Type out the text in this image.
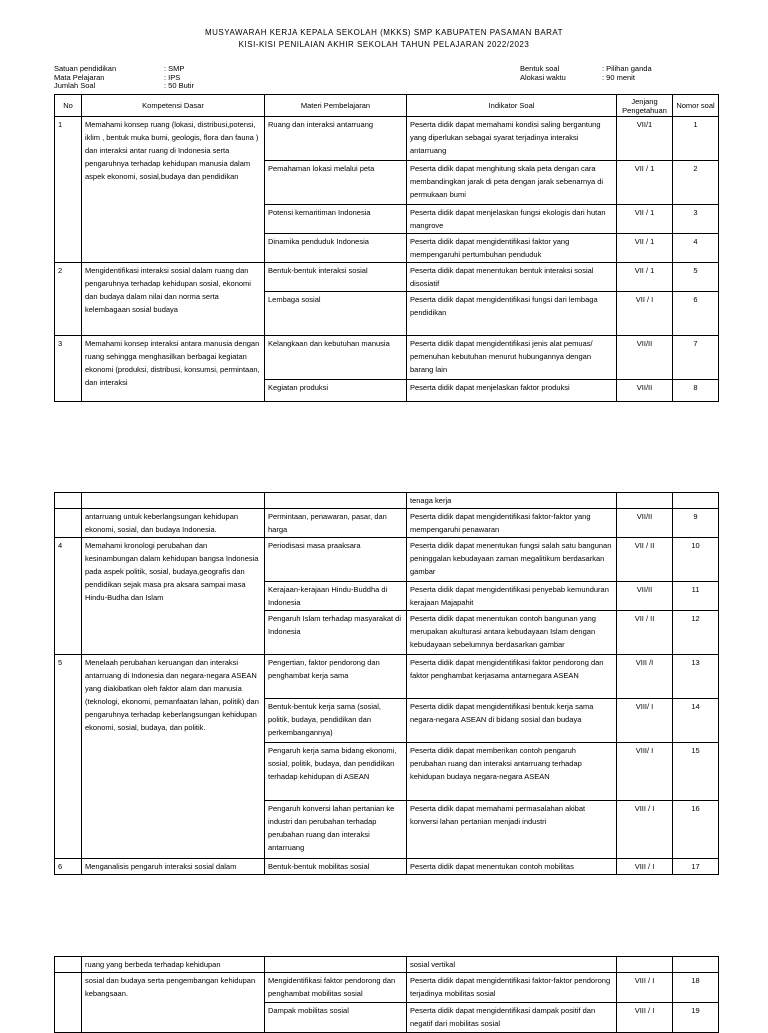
MUSYAWARAH KERJA KEPALA SEKOLAH (MKKS) SMP KABUPATEN PASAMAN BARAT
KISI-KISI PENILAIAN AKHIR SEKOLAH TAHUN PELAJARAN 2022/2023
Satuan pendidikan	: SMP
Mata Pelajaran	: IPS
Jumlah Soal	: 50 Butir
Bentuk soal	: Pilihan ganda
Alokasi waktu	: 90 menit
No	Kompetensi Dasar	Materi Pembelajaran	Indikator Soal	Jenjang Pengetahuan	Nomor soal
1	Memahami konsep ruang (lokasi, distribusi,potensi, iklim , bentuk muka bumi, geologis, flora dan fauna ) dan interaksi antar ruang di Indonesia serta pengaruhnya terhadap kehidupan manusia dalam aspek ekonomi, sosial,budaya dan pendidikan	Ruang dan interaksi antarruang	Peserta didik dapat memahami kondisi saling bergantung yang diperlukan sebagai syarat terjadinya interaksi antarruang	VII/1	1
		Pemahaman lokasi melalui peta	Peserta didik dapat menghitung skala peta dengan cara membandingkan jarak di peta dengan jarak sebenarnya di permukaan bumi	VII / 1	2
		Potensi kemaritiman Indonesia	Peserta didik dapat menjelaskan fungsi ekologis dari hutan mangrove	VII / 1	3
		Dinamika penduduk Indonesia	Peserta didik dapat mengidentifikasi faktor yang mempengaruhi pertumbuhan penduduk	VII / 1	4
2	Mengidentifikasi interaksi sosial dalam ruang dan pengaruhnya terhadap kehidupan sosial, ekonomi dan budaya dalam nilai dan norma serta kelembagaan sosial budaya	Bentuk-bentuk interaksi sosial	Peserta didik dapat menentukan bentuk interaksi sosial disosiatif	VII / 1	5
		Lembaga sosial	Peserta didik dapat mengidentifikasi fungsi dari lembaga pendidikan	VII / I	6
3	Memahami konsep interaksi antara manusia dengan ruang sehingga menghasilkan berbagai kegiatan ekonomi (produksi, distribusi, konsumsi, permintaan, dan interaksi	Kelangkaan dan kebutuhan manusia	Peserta didik dapat mengidentifikasi jenis alat pemuas/ pemenuhan kebutuhan menurut hubungannya dengan barang lain	VII/II	7
		Kegiatan produksi	Peserta didik dapat menjelaskan faktor produksi	VII/II	8
			tenaga kerja		
	antarruang untuk keberlangsungan kehidupan ekonomi, sosial, dan budaya Indonesia.	Permintaan, penawaran, pasar, dan harga	Peserta didik dapat mengidentifikasi faktor-faktor yang mempengaruhi penawaran	VII/II	9
4	Memahami kronologi perubahan dan kesinambungan dalam kehidupan bangsa Indonesia pada aspek politik, sosial, budaya,geografis dan pendidikan sejak masa pra aksara sampai masa Hindu-Budha dan Islam	Periodisasi masa praaksara	Peserta didik dapat menentukan fungsi salah satu bangunan peninggalan kebudayaan zaman megalitikum berdasarkan gambar	VII / II	10
		Kerajaan-kerajaan Hindu-Buddha di Indonesia	Peserta didik dapat mengidentifikasi penyebab kemunduran kerajaan Majapahit	VII/II	11
		Pengaruh Islam terhadap masyarakat di Indonesia	Peserta didik dapat menentukan contoh bangunan yang merupakan akulturasi antara kebudayaan Islam dengan kebudayaan sebelumnya berdasarkan gambar	VII / II	12
5	Menelaah perubahan keruangan dan interaksi antarruang di Indonesia dan negara-negara ASEAN yang diakibatkan oleh faktor alam dan manusia (teknologi, ekonomi, pemanfaatan lahan, politik) dan pengaruhnya terhadap keberlangsungan kehidupan ekonomi, sosial, budaya, dan politik.	Pengertian, faktor pendorong dan penghambat kerja sama	Peserta didik dapat mengidentifikasi faktor pendorong dan faktor penghambat kerjasama antarnegara ASEAN	VIII /I	13
		Bentuk-bentuk kerja sama (sosial, politik, budaya, pendidikan dan perkembangannya)	Peserta didik dapat mengidentifikasi bentuk kerja sama negara-negara ASEAN di bidang sosial dan budaya	VIII/ I	14
		Pengaruh kerja sama bidang ekonomi, sosial, politik, budaya, dan pendidikan terhadap kehidupan di ASEAN	Peserta didik dapat memberikan contoh pengaruh perubahan ruang dan interaksi antarruang terhadap kehidupan budaya negara-negara ASEAN	VIII/ I	15
		Pengaruh konversi lahan pertanian ke industri dan perubahan terhadap perubahan ruang dan interaksi antarruang	Peserta didik dapat memahami permasalahan akibat konversi lahan pertanian menjadi industri	VIII / I	16
6	Menganalisis pengaruh interaksi sosial dalam	Bentuk-bentuk mobilitas sosial	Peserta didik dapat menentukan contoh mobilitas	VIII / I	17
	ruang yang berbeda terhadap kehidupan		sosial vertikal		
	sosial dan budaya serta pengembangan kehidupan kebangsaan.	Mengidentifikasi faktor pendorong dan penghambat mobilitas sosial	Peserta didik dapat mengidentifikasi faktor-faktor pendorong terjadinya mobilitas sosial	VIII / I	18
		Dampak mobilitas sosial	Peserta didik dapat mengidentifikasi dampak positif dan negatif dari mobilitas sosial	VIII / I	19
